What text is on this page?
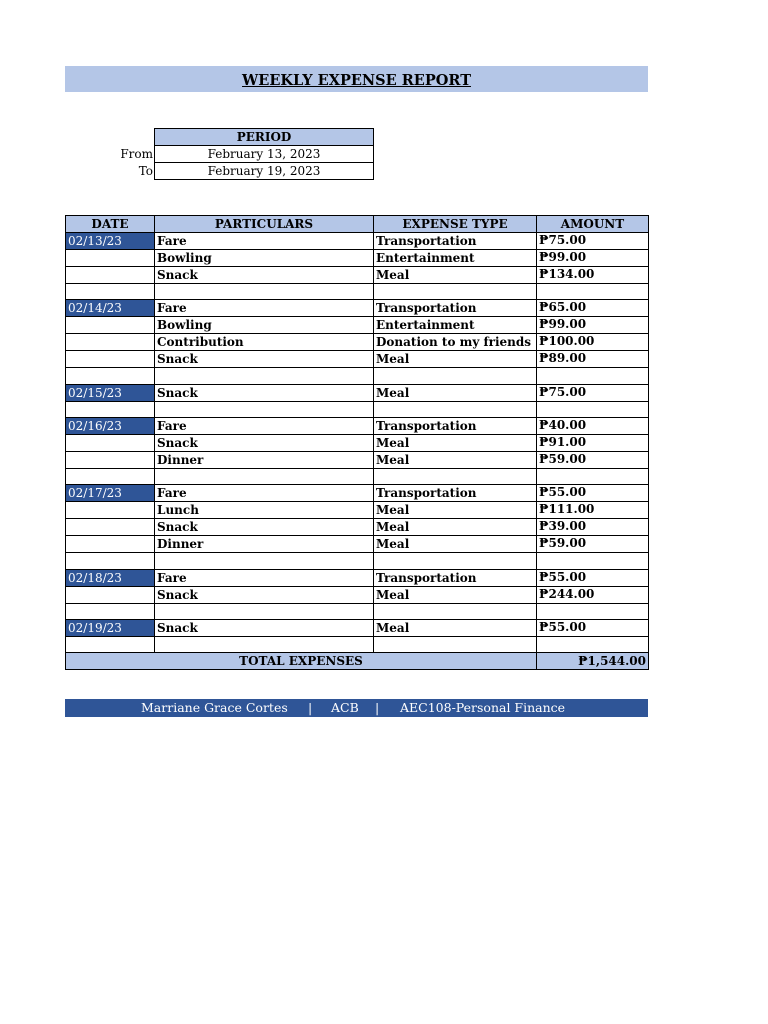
WEEKLY EXPENSE REPORT
	PERIOD
From	February 13, 2023
To	February 19, 2023
DATE	PARTICULARS	EXPENSE TYPE	AMOUNT
02/13/23	Fare	Transportation	₱75.00
	Bowling	Entertainment	₱99.00
	Snack	Meal	₱134.00

02/14/23	Fare	Transportation	₱65.00
	Bowling	Entertainment	₱99.00
	Contribution	Donation to my friends	₱100.00
	Snack	Meal	₱89.00

02/15/23	Snack	Meal	₱75.00

02/16/23	Fare	Transportation	₱40.00
	Snack	Meal	₱91.00
	Dinner	Meal	₱59.00

02/17/23	Fare	Transportation	₱55.00
	Lunch	Meal	₱111.00
	Snack	Meal	₱39.00
	Dinner	Meal	₱59.00

02/18/23	Fare	Transportation	₱55.00
	Snack	Meal	₱244.00

02/19/23	Snack	Meal	₱55.00

TOTAL EXPENSES			₱1,544.00
Marriane Grace Cortes | ACB | AEC108-Personal Finance
